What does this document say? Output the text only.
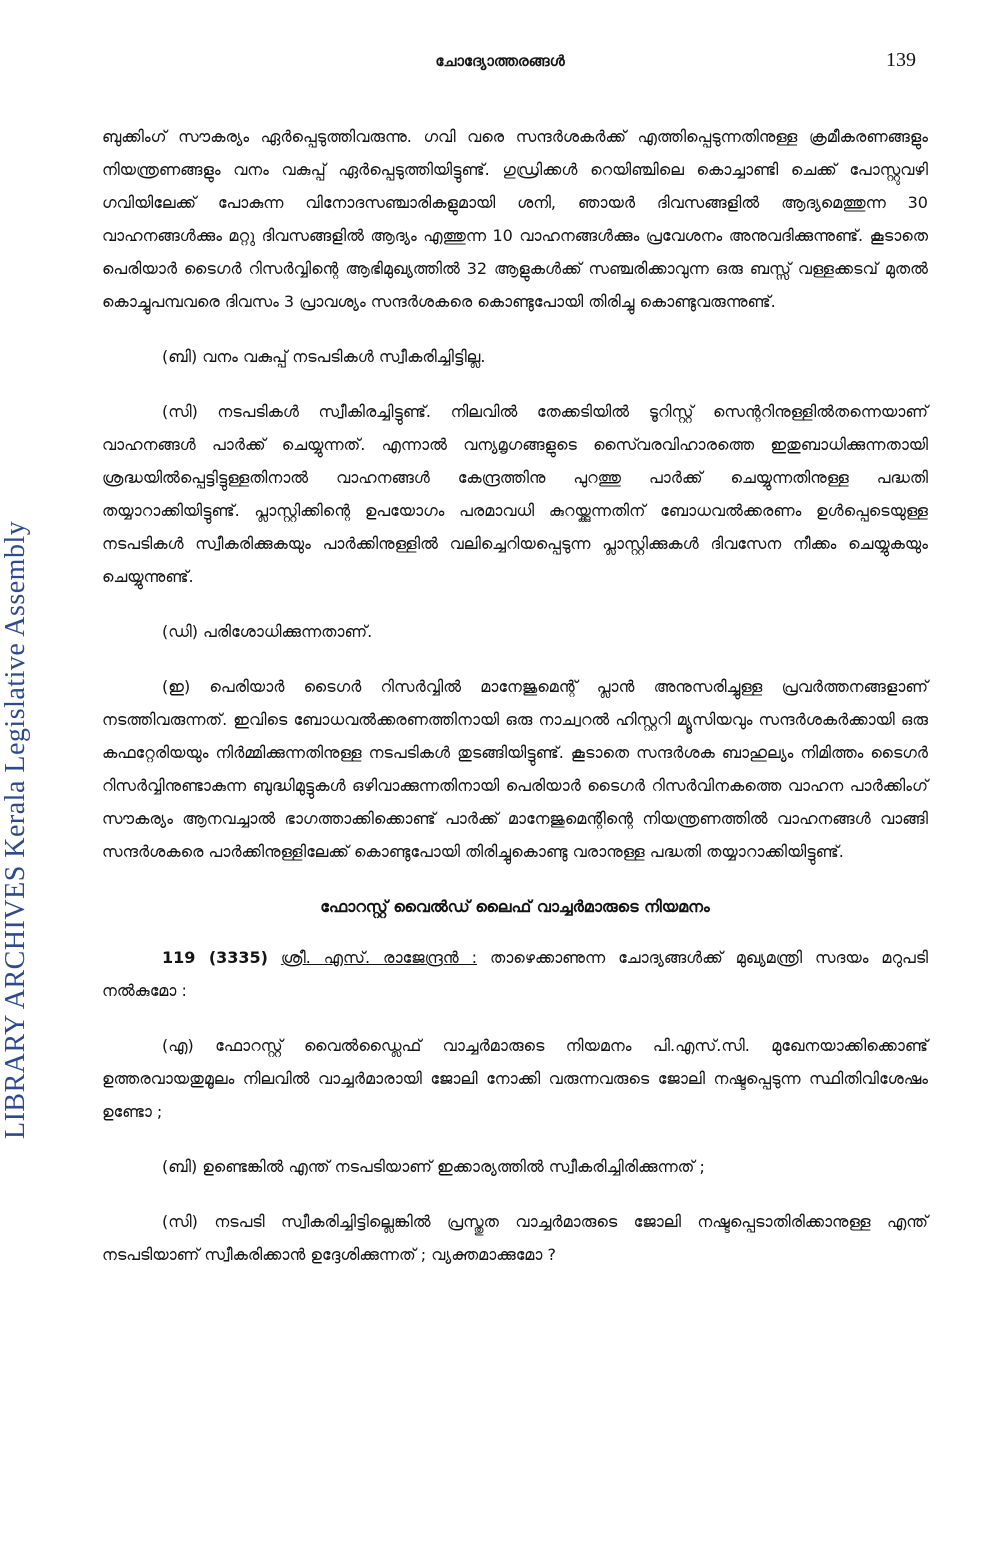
LIBRARY ARCHIVES Kerala Legislative Assembly
ചോദ്യോത്തരങ്ങൾ	139

ബുക്കിംഗ് സൗകര്യം ഏർപ്പെടുത്തിവരുന്നു. ഗവി വരെ സന്ദർശകർക്ക് എത്തിപ്പെടുന്നതിനുള്ള ക്രമീകരണങ്ങളും നിയന്ത്രണങ്ങളും വനം വകുപ്പ് ഏർപ്പെടുത്തിയിട്ടുണ്ട്. ഗുഡ്രിക്കൾ റെയിഞ്ചിലെ കൊച്ചാണ്ടി ചെക്ക് പോസ്റ്റുവഴി ഗവിയിലേക്ക് പോകുന്ന വിനോദസഞ്ചാരികളുമായി ശനി, ഞായർ ദിവസങ്ങളിൽ ആദ്യമെത്തുന്ന 30 വാഹനങ്ങൾക്കും മറ്റു ദിവസങ്ങളിൽ ആദ്യം എത്തുന്ന 10 വാഹനങ്ങൾക്കും പ്രവേശനം അനുവദിക്കുന്നുണ്ട്. കൂടാതെ പെരിയാർ ടൈഗർ റിസർവ്വിന്റെ ആഭിമുഖ്യത്തിൽ 32 ആളുകൾക്ക് സഞ്ചരിക്കാവുന്ന ഒരു ബസ്സ് വള്ളക്കടവ് മുതൽ കൊച്ചുപമ്പവരെ ദിവസം 3 പ്രാവശ്യം സന്ദർശകരെ കൊണ്ടുപോയി തിരിച്ചു കൊണ്ടുവരുന്നുണ്ട്.

(ബി) വനം വകുപ്പ് നടപടികൾ സ്വീകരിച്ചിട്ടില്ല.

(സി) നടപടികൾ സ്വീകിരച്ചിട്ടുണ്ട്. നിലവിൽ തേക്കടിയിൽ ടൂറിസ്റ്റ് സെന്ററിനുള്ളിൽതന്നെയാണ് വാഹനങ്ങൾ പാർക്ക് ചെയ്യുന്നത്. എന്നാൽ വന്യമൃഗങ്ങളുടെ സൈ്വരവിഹാരത്തെ ഇതുബാധിക്കുന്നതായി ശ്രദ്ധയിൽപ്പെട്ടിട്ടുള്ളതിനാൽ വാഹനങ്ങൾ കേന്ദ്രത്തിനു പുറത്തു പാർക്ക് ചെയ്യുന്നതിനുള്ള പദ്ധതി തയ്യാറാക്കിയിട്ടുണ്ട്. പ്ലാസ്റ്റിക്കിന്റെ ഉപയോഗം പരമാവധി കുറയ്ക്കുന്നതിന് ബോധവൽക്കരണം ഉൾപ്പെടെയുള്ള നടപടികൾ സ്വീകരിക്കുകയും പാർക്കിനുള്ളിൽ വലിച്ചെറിയപ്പെടുന്ന പ്ലാസ്റ്റിക്കുകൾ ദിവസേന നീക്കം ചെയ്യുകയും ചെയ്യുന്നുണ്ട്.

(ഡി) പരിശോധിക്കുന്നതാണ്.

(ഇ) പെരിയാർ ടൈഗർ റിസർവ്വിൽ മാനേജുമെന്റ് പ്ലാൻ അനുസരിച്ചുള്ള പ്രവർത്തനങ്ങളാണ് നടത്തിവരുന്നത്. ഇവിടെ ബോധവൽക്കരണത്തിനായി ഒരു നാച്വറൽ ഹിസ്റ്ററി മ്യൂസിയവും സന്ദർശകർക്കായി ഒരു കഫറ്റേരിയയും നിർമ്മിക്കുന്നതിനുള്ള നടപടികൾ തുടങ്ങിയിട്ടുണ്ട്. കൂടാതെ സന്ദർശക ബാഹുല്യം നിമിത്തം ടൈഗർ റിസർവ്വിനുണ്ടാകുന്ന ബുദ്ധിമുട്ടുകൾ ഒഴിവാക്കുന്നതിനായി പെരിയാർ ടൈഗർ റിസർവിനകത്തെ വാഹന പാർക്കിംഗ് സൗകര്യം ആനവച്ചാൽ ഭാഗത്താക്കിക്കൊണ്ട് പാർക്ക് മാനേജുമെന്റിന്റെ നിയന്ത്രണത്തിൽ വാഹനങ്ങൾ വാങ്ങി സന്ദർശകരെ പാർക്കിനുള്ളിലേക്ക് കൊണ്ടുപോയി തിരിച്ചുകൊണ്ടു വരാനുള്ള പദ്ധതി തയ്യാറാക്കിയിട്ടുണ്ട്.

ഫോറസ്റ്റ് വൈൽഡ് ലൈഫ് വാച്ചർമാരുടെ നിയമനം

119 (3335) ശ്രീ. എസ്. രാജേന്ദ്രൻ : താഴെക്കാണുന്ന ചോദ്യങ്ങൾക്ക് മുഖ്യമന്ത്രി സദയം മറുപടി നൽകുമോ :

(എ) ഫോറസ്റ്റ് വൈൽഡ്ലൈഫ് വാച്ചർമാരുടെ നിയമനം പി.എസ്.സി. മുഖേനയാക്കിക്കൊണ്ട് ഉത്തരവായതുമൂലം നിലവിൽ വാച്ചർമാരായി ജോലി നോക്കി വരുന്നവരുടെ ജോലി നഷ്ടപ്പെടുന്ന സ്ഥിതിവിശേഷം ഉണ്ടോ ;

(ബി) ഉണ്ടെങ്കിൽ എന്ത് നടപടിയാണ് ഇക്കാര്യത്തിൽ സ്വീകരിച്ചിരിക്കുന്നത് ;

(സി) നടപടി സ്വീകരിച്ചിട്ടില്ലെങ്കിൽ പ്രസ്തുത വാച്ചർമാരുടെ ജോലി നഷ്ടപ്പെടാതിരിക്കാനുള്ള എന്ത് നടപടിയാണ് സ്വീകരിക്കാൻ ഉദ്ദേശിക്കുന്നത് ; വ്യക്തമാക്കുമോ ?
